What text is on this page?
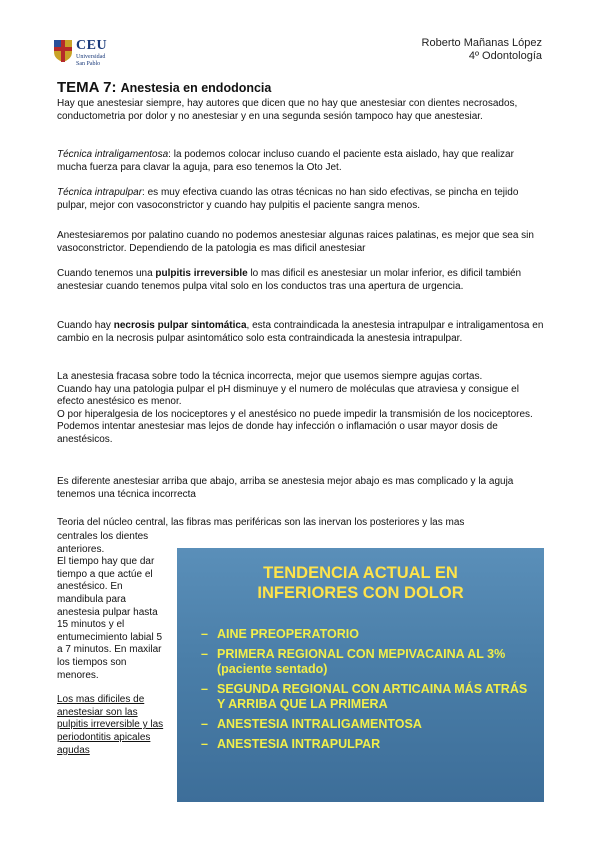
CEU
Universidad
San Pablo
Roberto Mañanas López
4º Odontología
TEMA 7: Anestesia en endodoncia

Hay que anestesiar siempre, hay autores que dicen que no hay que anestesiar con dientes necrosados, conductometria por dolor y no anestesiar y en una segunda sesión tampoco hay que anestesiar.

Técnica intraligamentosa: la podemos colocar incluso cuando el paciente esta aislado, hay que realizar mucha fuerza para clavar la aguja, para eso tenemos la Oto Jet.

Técnica intrapulpar: es muy efectiva cuando las otras técnicas no han sido efectivas, se pincha en tejido pulpar, mejor con vasoconstrictor y cuando hay pulpitis el paciente sangra menos.

Anestesiaremos por palatino cuando no podemos anestesiar algunas raices palatinas, es mejor que sea sin vasoconstrictor. Dependiendo de la patologia es mas dificil anestesiar

Cuando tenemos una pulpitis irreversible lo mas dificil es anestesiar un molar inferior, es dificil también anestesiar cuando tenemos pulpa vital solo en los conductos tras una apertura de urgencia.

Cuando hay necrosis pulpar sintomática, esta contraindicada la anestesia intrapulpar e intraligamentosa en cambio en la necrosis pulpar asintomático solo esta contraindicada la anestesia intrapulpar.

La anestesia fracasa sobre todo la técnica incorrecta, mejor que usemos siempre agujas cortas.

Cuando hay una patologia pulpar el pH disminuye y el numero de moléculas que atraviesa y consigue el efecto anestésico es menor.

O por hiperalgesia de los nociceptores y el anestésico no puede impedir la transmisión de los nociceptores.

Podemos intentar anestesiar mas lejos de donde hay infección o inflamación o usar mayor dosis de anestésicos.

Es diferente anestesiar arriba que abajo, arriba se anestesia mejor abajo es mas complicado y la aguja tenemos una técnica incorrecta

Teoria del núcleo central, las fibras mas periféricas son las inervan los posteriores y las mas

centrales los dientes anteriores.

El tiempo hay que dar tiempo a que actúe el anestésico. En mandibula para anestesia pulpar hasta 15 minutos y el entumecimiento labial 5 a 7 minutos. En maxilar los tiempos son menores.

Los mas dificiles de anestesiar son las pulpitis irreversible y las periodontitis apicales agudas

TENDENCIA ACTUAL EN
INFERIORES CON DOLOR
– AINE PREOPERATORIO
– PRIMERA REGIONAL CON MEPIVACAINA AL 3%(paciente sentado)
– SEGUNDA REGIONAL CON ARTICAINA MÁS ATRÁS Y ARRIBA QUE LA PRIMERA
– ANESTESIA INTRALIGAMENTOSA
– ANESTESIA INTRAPULPAR
